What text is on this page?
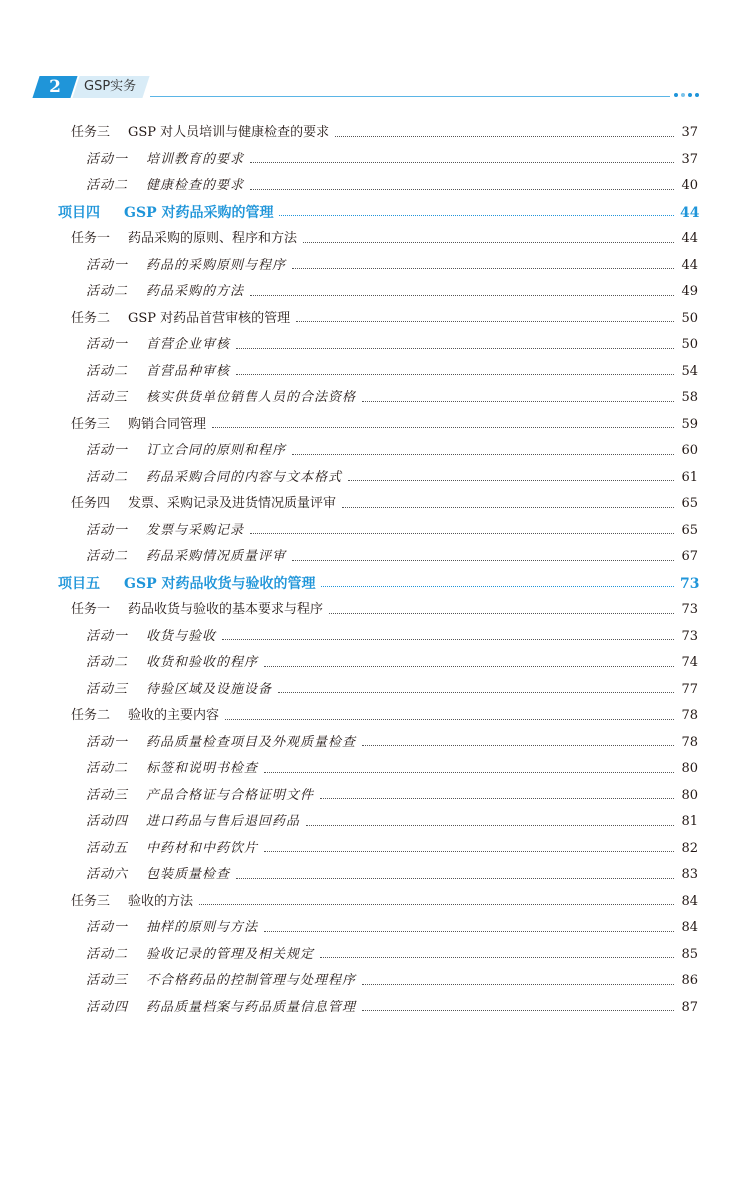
2	GSP实务
任务三 GSP 对人员培训与健康检查的要求	37
活动一 培训教育的要求	37
活动二 健康检查的要求	40
项目四 GSP 对药品采购的管理	44
任务一 药品采购的原则、程序和方法	44
活动一 药品的采购原则与程序	44
活动二 药品采购的方法	49
任务二 GSP 对药品首营审核的管理	50
活动一 首营企业审核	50
活动二 首营品种审核	54
活动三 核实供货单位销售人员的合法资格	58
任务三 购销合同管理	59
活动一 订立合同的原则和程序	60
活动二 药品采购合同的内容与文本格式	61
任务四 发票、采购记录及进货情况质量评审	65
活动一 发票与采购记录	65
活动二 药品采购情况质量评审	67
项目五 GSP 对药品收货与验收的管理	73
任务一 药品收货与验收的基本要求与程序	73
活动一 收货与验收	73
活动二 收货和验收的程序	74
活动三 待验区域及设施设备	77
任务二 验收的主要内容	78
活动一 药品质量检查项目及外观质量检查	78
活动二 标签和说明书检查	80
活动三 产品合格证与合格证明文件	80
活动四 进口药品与售后退回药品	81
活动五 中药材和中药饮片	82
活动六 包装质量检查	83
任务三 验收的方法	84
活动一 抽样的原则与方法	84
活动二 验收记录的管理及相关规定	85
活动三 不合格药品的控制管理与处理程序	86
活动四 药品质量档案与药品质量信息管理	87
